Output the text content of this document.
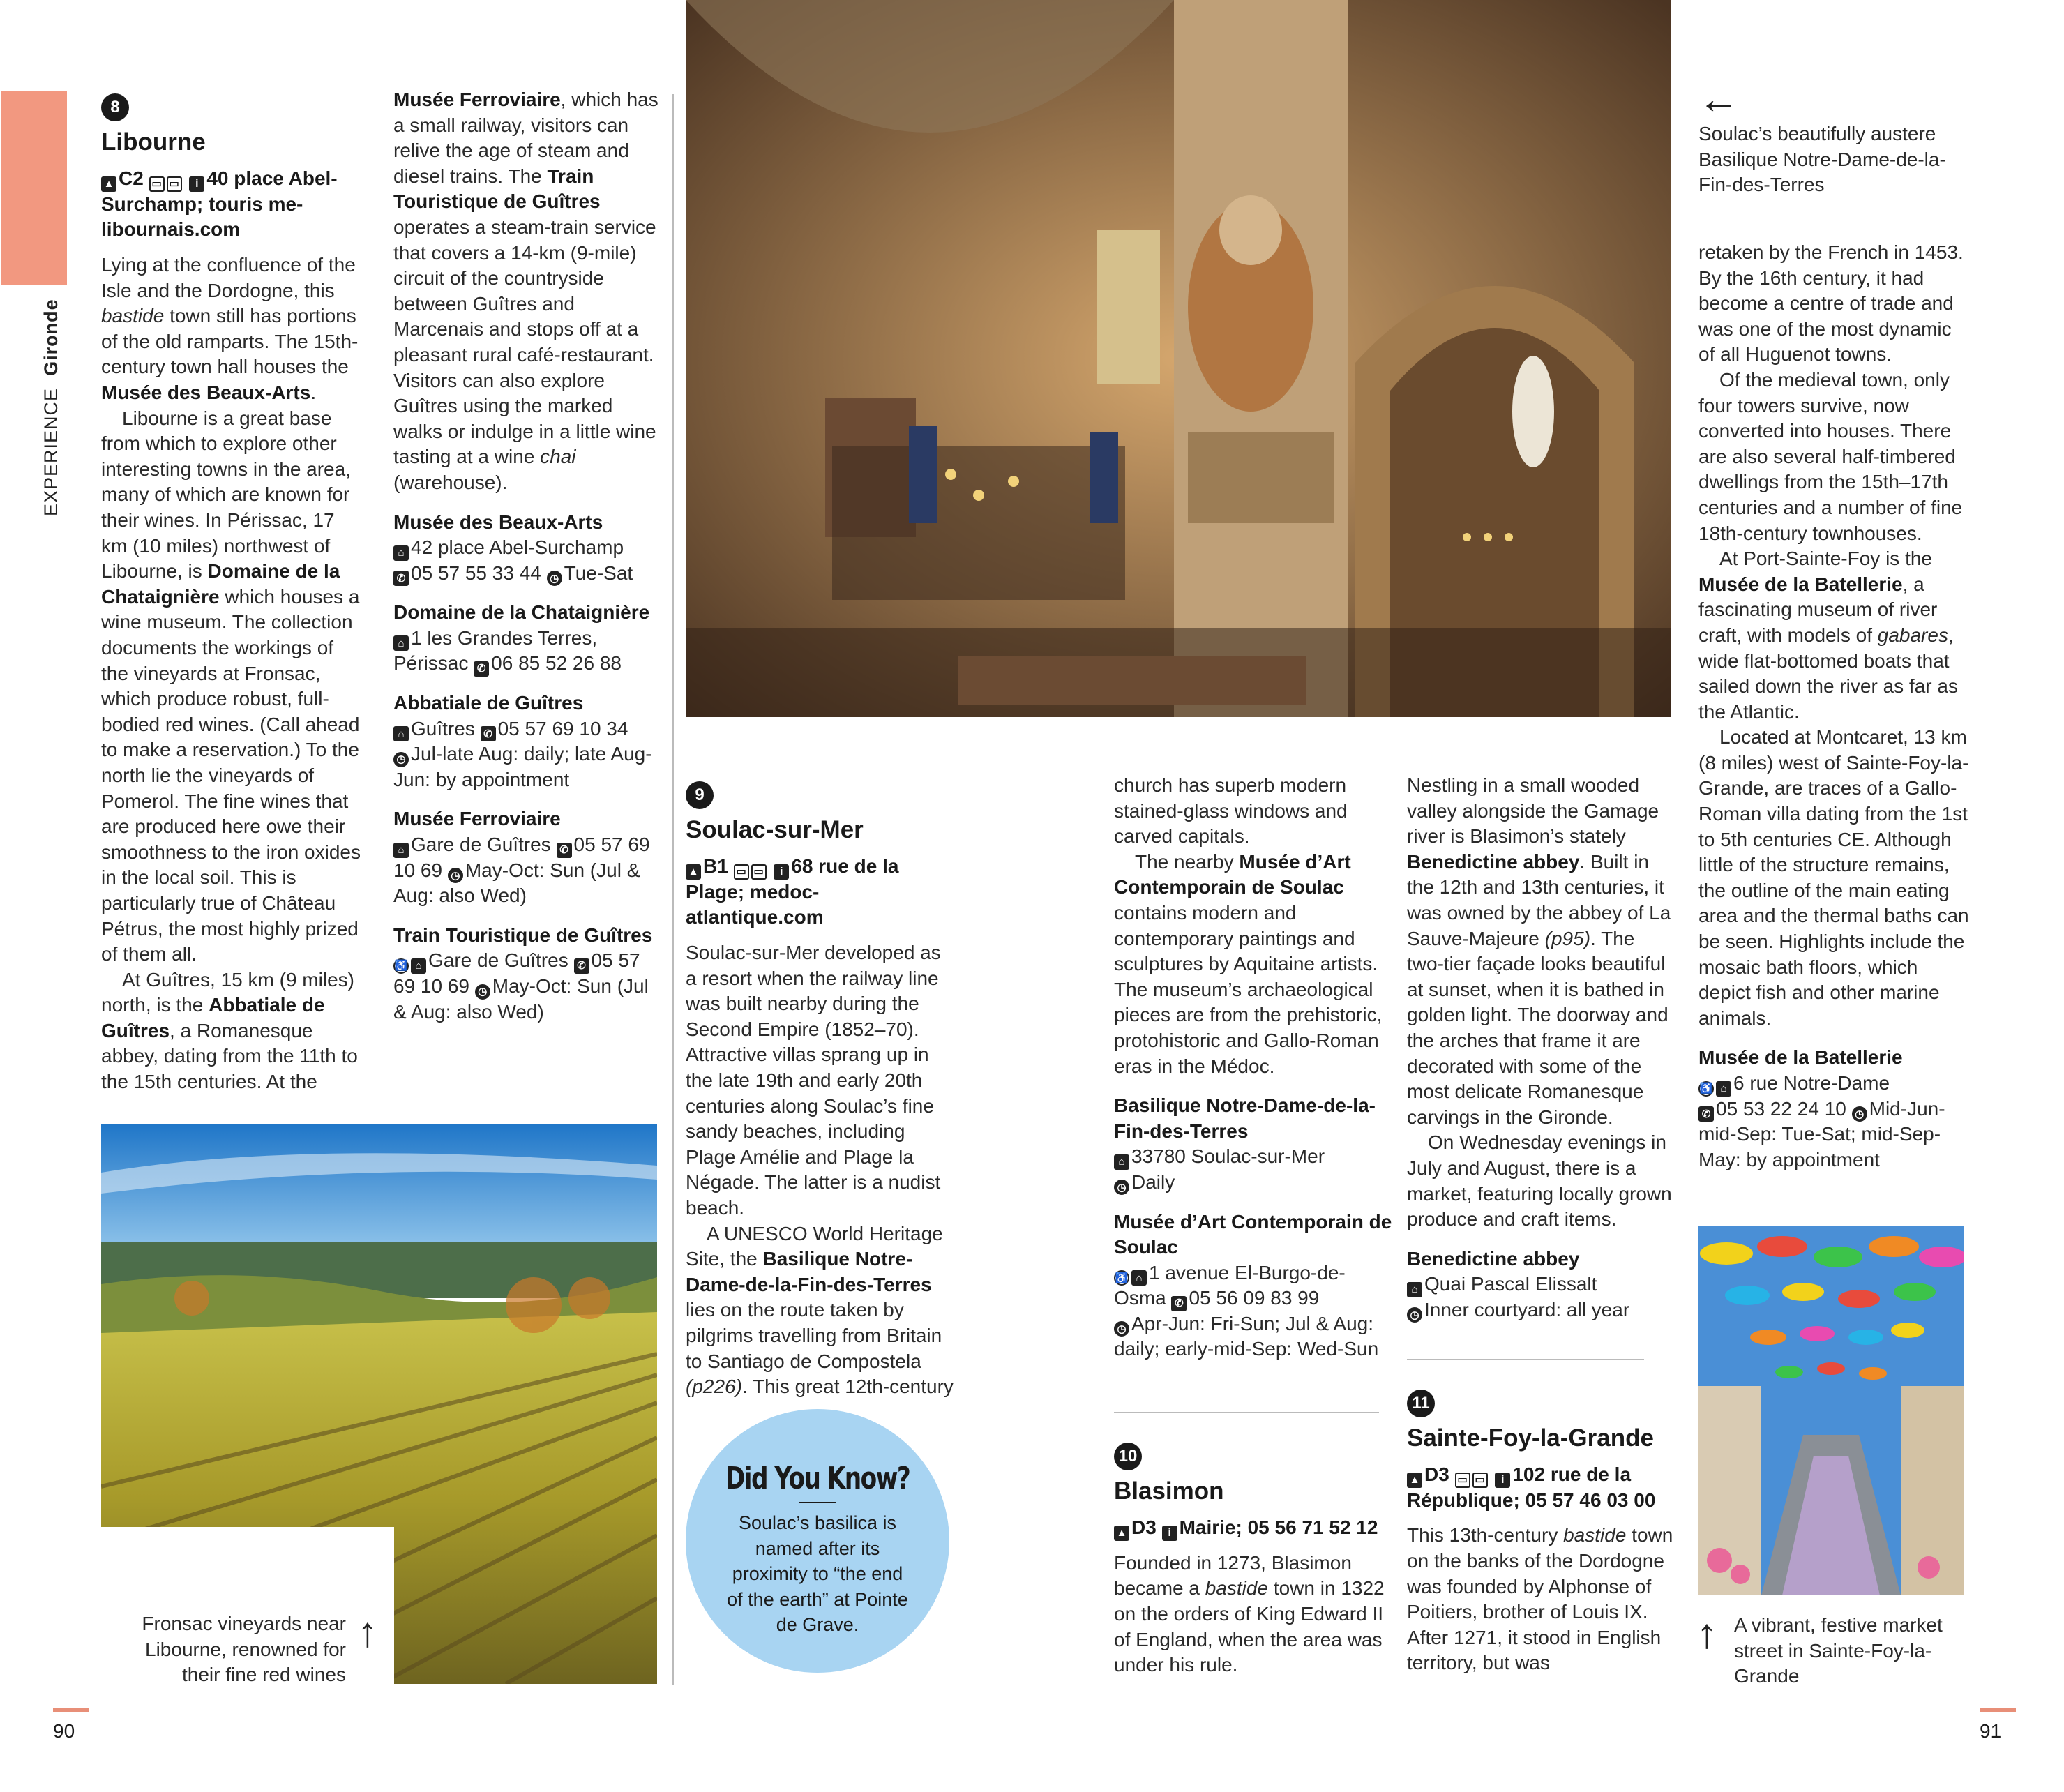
EXPERIENCE  Gironde
8
Libourne

▲ C2 ▭ ▭ i 40 place Abel-Surchamp; touris me-libournais.com

Lying at the confluence of the Isle and the Dordogne, this bastide town still has portions of the old ramparts. The 15th-century town hall houses the Musée des Beaux-Arts.

Libourne is a great base from which to explore other interesting towns in the area, many of which are known for their wines. In Périssac, 17 km (10 miles) northwest of Libourne, is Domaine de la Chataignière which houses a wine museum. The collection documents the workings of the vineyards at Fronsac, which produce robust, full-bodied red wines. (Call ahead to make a reservation.) To the north lie the vineyards of Pomerol. The fine wines that are produced here owe their smoothness to the iron oxides in the local soil. This is particularly true of Château Pétrus, the most highly prized of them all.

At Guîtres, 15 km (9 miles) north, is the Abbatiale de Guîtres, a Romanesque abbey, dating from the 11th to the 15th centuries. At the

Musée Ferroviaire, which has a small railway, visitors can relive the age of steam and diesel trains. The Train Touristique de Guîtres operates a steam-train service that covers a 14-km (9-mile) circuit of the countryside between Guîtres and Marcenais and stops off at a pleasant rural café-restaurant. Visitors can also explore Guîtres using the marked walks or indulge in a little wine tasting at a wine chai (warehouse).

Musée des Beaux-Arts

⌂ 42 place Abel-Surchamp
✆ 05 57 55 33 44 ◷ Tue-Sat

Domaine de la Chataignière

⌂ 1 les Grandes Terres, Périssac ✆ 06 85 52 26 88

Abbatiale de Guîtres

⌂ Guîtres ✆ 05 57 69 10 34
◷ Jul-late Aug: daily; late Aug-Jun: by appointment

Musée Ferroviaire

⌂ Gare de Guîtres ✆ 05 57 69 10 69 ◷ May-Oct: Sun (Jul & Aug: also Wed)

Train Touristique de Guîtres

♿ ⌂ Gare de Guîtres ✆ 05 57 69 10 69 ◷ May-Oct: Sun (Jul & Aug: also Wed)

Fronsac vineyards near Libourne, renowned for their fine red wines
↑
9
Soulac-sur-Mer

▲ B1 ▭ ▭ i 68 rue de la Plage; medoc-atlantique.com

Soulac-sur-Mer developed as a resort when the railway line was built nearby during the Second Empire (1852–70). Attractive villas sprang up in the late 19th and early 20th centuries along Soulac’s fine sandy beaches, including Plage Amélie and Plage la Négade. The latter is a nudist beach.

A UNESCO World Heritage Site, the Basilique Notre-Dame-de-la-Fin-des-Terres lies on the route taken by pilgrims travelling from Britain to Santiago de Compostela (p226). This great 12th-century

Did You Know?
Soulac’s basilica is named after its proximity to “the end of the earth” at Pointe de Grave.

church has superb modern stained-glass windows and carved capitals.

The nearby Musée d’Art Contemporain de Soulac contains modern and contemporary paintings and sculptures by Aquitaine artists. The museum’s archaeological pieces are from the prehistoric, protohistoric and Gallo-Roman eras in the Médoc.

Basilique Notre-Dame-de-la-Fin-des-Terres

⌂ 33780 Soulac-sur-Mer
◷ Daily

Musée d’Art Contemporain de Soulac

♿ ⌂ 1 avenue El-Burgo-de-Osma ✆ 05 56 09 83 99
◷ Apr-Jun: Fri-Sun; Jul & Aug: daily; early-mid-Sep: Wed-Sun

10
Blasimon

▲ D3 i Mairie; 05 56 71 52 12

Founded in 1273, Blasimon became a bastide town in 1322 on the orders of King Edward II of England, when the area was under his rule.

Nestling in a small wooded valley alongside the Gamage river is Blasimon’s stately Benedictine abbey. Built in the 12th and 13th centuries, it was owned by the abbey of La Sauve-Majeure (p95). The two-tier façade looks beautiful at sunset, when it is bathed in golden light. The doorway and the arches that frame it are decorated with some of the most delicate Romanesque carvings in the Gironde.

On Wednesday evenings in July and August, there is a market, featuring locally grown produce and craft items.

Benedictine abbey

⌂ Quai Pascal Elissalt
◷ Inner courtyard: all year

11
Sainte-Foy-la-Grande

▲ D3 ▭ ▭ i 102 rue de la République; 05 57 46 03 00

This 13th-century bastide town on the banks of the Dordogne was founded by Alphonse of Poitiers, brother of Louis IX. After 1271, it stood in English territory, but was

←
Soulac’s beautifully austere Basilique Notre-Dame-de-la-Fin-des-Terres

retaken by the French in 1453. By the 16th century, it had become a centre of trade and was one of the most dynamic of all Huguenot towns.

Of the medieval town, only four towers survive, now converted into houses. There are also several half-timbered dwellings from the 15th–17th centuries and a number of fine 18th-century townhouses.

At Port-Sainte-Foy is the Musée de la Batellerie, a fascinating museum of river craft, with models of gabares, wide flat-bottomed boats that sailed down the river as far as the Atlantic.

Located at Montcaret, 13 km (8 miles) west of Sainte-Foy-la-Grande, are traces of a Gallo-Roman villa dating from the 1st to 5th centuries CE. Although little of the structure remains, the outline of the main eating area and the thermal baths can be seen. Highlights include the mosaic bath floors, which depict fish and other marine animals.

Musée de la Batellerie

♿ ⌂ 6 rue Notre-Dame
✆ 05 53 22 24 10 ◷ Mid-Jun-mid-Sep: Tue-Sat; mid-Sep-May: by appointment

↑ A vibrant, festive market street in Sainte-Foy-la-Grande
90	91
